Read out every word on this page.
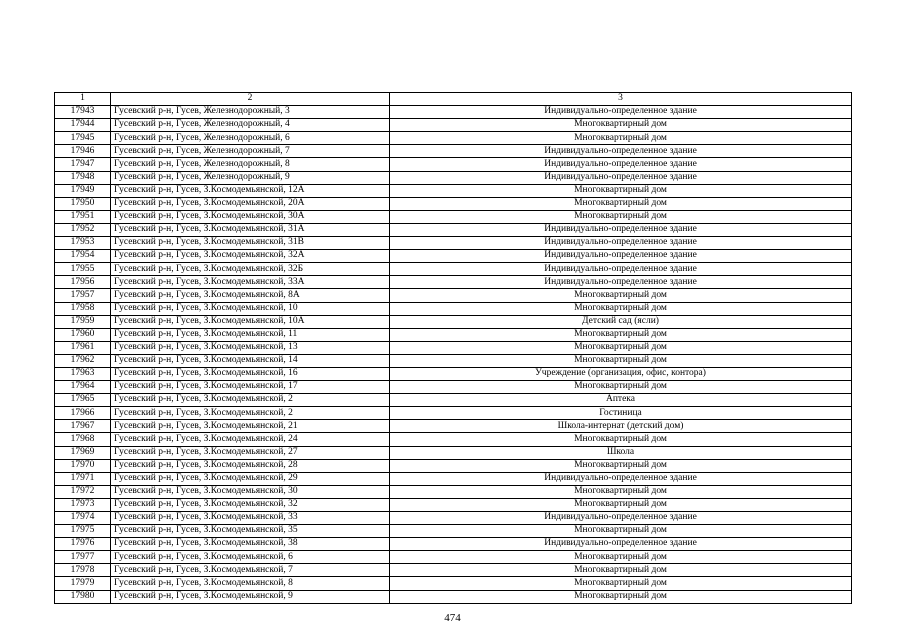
1	2	3
17943	Гусевский р-н, Гусев, Железнодорожный, 3	Индивидуально-определенное здание
17944	Гусевский р-н, Гусев, Железнодорожный, 4	Многоквартирный дом
17945	Гусевский р-н, Гусев, Железнодорожный, 6	Многоквартирный дом
17946	Гусевский р-н, Гусев, Железнодорожный, 7	Индивидуально-определенное здание
17947	Гусевский р-н, Гусев, Железнодорожный, 8	Индивидуально-определенное здание
17948	Гусевский р-н, Гусев, Железнодорожный, 9	Индивидуально-определенное здание
17949	Гусевский р-н, Гусев, З.Космодемьянской, 12А	Многоквартирный дом
17950	Гусевский р-н, Гусев, З.Космодемьянской, 20А	Многоквартирный дом
17951	Гусевский р-н, Гусев, З.Космодемьянской, 30А	Многоквартирный дом
17952	Гусевский р-н, Гусев, З.Космодемьянской, 31А	Индивидуально-определенное здание
17953	Гусевский р-н, Гусев, З.Космодемьянской, 31В	Индивидуально-определенное здание
17954	Гусевский р-н, Гусев, З.Космодемьянской, 32А	Индивидуально-определенное здание
17955	Гусевский р-н, Гусев, З.Космодемьянской, 32Б	Индивидуально-определенное здание
17956	Гусевский р-н, Гусев, З.Космодемьянской, 33А	Индивидуально-определенное здание
17957	Гусевский р-н, Гусев, З.Космодемьянской, 8А	Многоквартирный дом
17958	Гусевский р-н, Гусев, З.Космодемьянской, 10	Многоквартирный дом
17959	Гусевский р-н, Гусев, З.Космодемьянской, 10А	Детский сад (ясли)
17960	Гусевский р-н, Гусев, З.Космодемьянской, 11	Многоквартирный дом
17961	Гусевский р-н, Гусев, З.Космодемьянской, 13	Многоквартирный дом
17962	Гусевский р-н, Гусев, З.Космодемьянской, 14	Многоквартирный дом
17963	Гусевский р-н, Гусев, З.Космодемьянской, 16	Учреждение (организация, офис, контора)
17964	Гусевский р-н, Гусев, З.Космодемьянской, 17	Многоквартирный дом
17965	Гусевский р-н, Гусев, З.Космодемьянской, 2	Аптека
17966	Гусевский р-н, Гусев, З.Космодемьянской, 2	Гостиница
17967	Гусевский р-н, Гусев, З.Космодемьянской, 21	Школа-интернат (детский дом)
17968	Гусевский р-н, Гусев, З.Космодемьянской, 24	Многоквартирный дом
17969	Гусевский р-н, Гусев, З.Космодемьянской, 27	Школа
17970	Гусевский р-н, Гусев, З.Космодемьянской, 28	Многоквартирный дом
17971	Гусевский р-н, Гусев, З.Космодемьянской, 29	Индивидуально-определенное здание
17972	Гусевский р-н, Гусев, З.Космодемьянской, 30	Многоквартирный дом
17973	Гусевский р-н, Гусев, З.Космодемьянской, 32	Многоквартирный дом
17974	Гусевский р-н, Гусев, З.Космодемьянской, 33	Индивидуально-определенное здание
17975	Гусевский р-н, Гусев, З.Космодемьянской, 35	Многоквартирный дом
17976	Гусевский р-н, Гусев, З.Космодемьянской, 38	Индивидуально-определенное здание
17977	Гусевский р-н, Гусев, З.Космодемьянской, 6	Многоквартирный дом
17978	Гусевский р-н, Гусев, З.Космодемьянской, 7	Многоквартирный дом
17979	Гусевский р-н, Гусев, З.Космодемьянской, 8	Многоквартирный дом
17980	Гусевский р-н, Гусев, З.Космодемьянской, 9	Многоквартирный дом
474
